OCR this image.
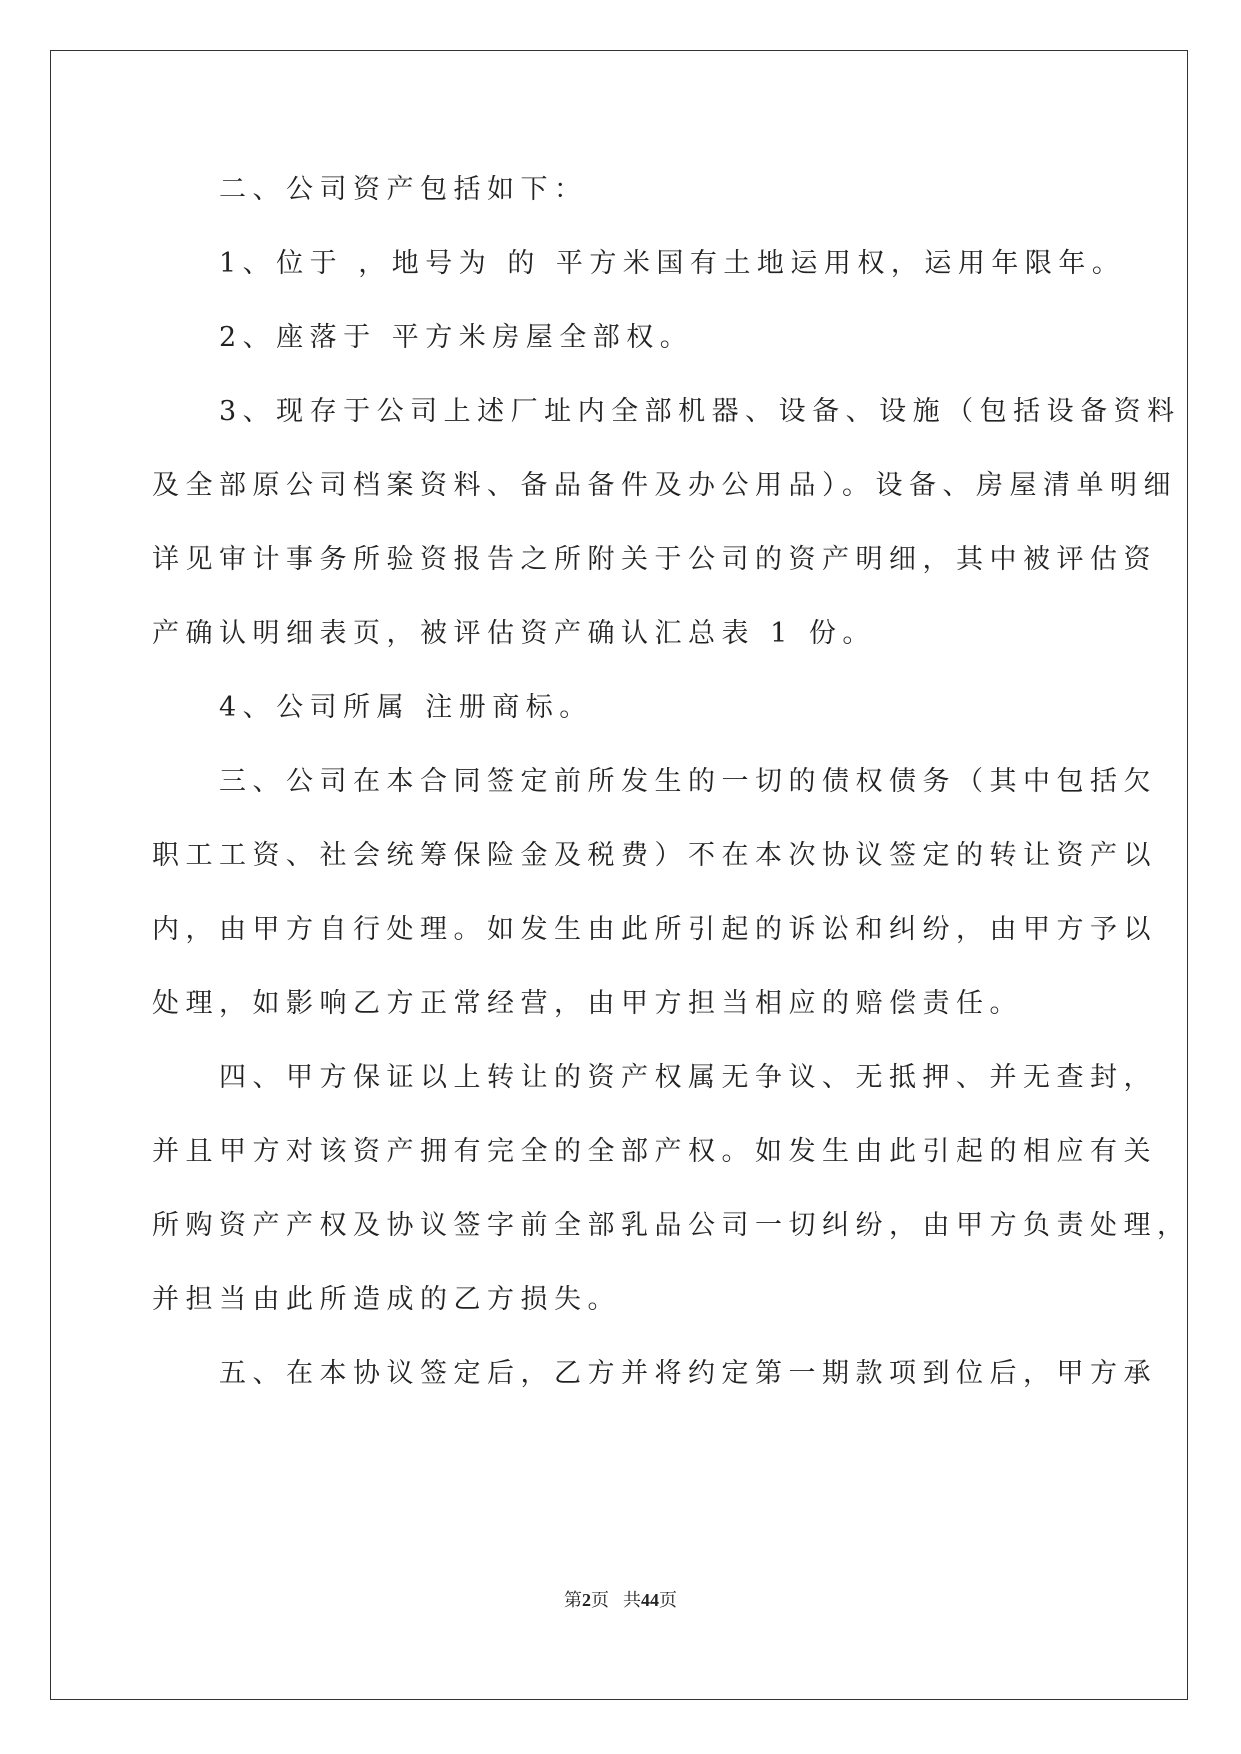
　　二、公司资产包括如下：
　　1、位于 ，地号为 的 平方米国有土地运用权，运用年限年。
　　2、座落于 平方米房屋全部权。
　　3、现存于公司上述厂址内全部机器、设备、设施（包括设备资料
及全部原公司档案资料、备品备件及办公用品）。设备、房屋清单明细
详见审计事务所验资报告之所附关于公司的资产明细，其中被评估资
产确认明细表页，被评估资产确认汇总表 1 份。
　　4、公司所属 注册商标。
　　三、公司在本合同签定前所发生的一切的债权债务（其中包括欠
职工工资、社会统筹保险金及税费）不在本次协议签定的转让资产以
内，由甲方自行处理。如发生由此所引起的诉讼和纠纷，由甲方予以
处理，如影响乙方正常经营，由甲方担当相应的赔偿责任。
　　四、甲方保证以上转让的资产权属无争议、无抵押、并无查封，
并且甲方对该资产拥有完全的全部产权。如发生由此引起的相应有关
所购资产产权及协议签字前全部乳品公司一切纠纷，由甲方负责处理，
并担当由此所造成的乙方损失。
　　五、在本协议签定后，乙方并将约定第一期款项到位后，甲方承
第2页 共44页
